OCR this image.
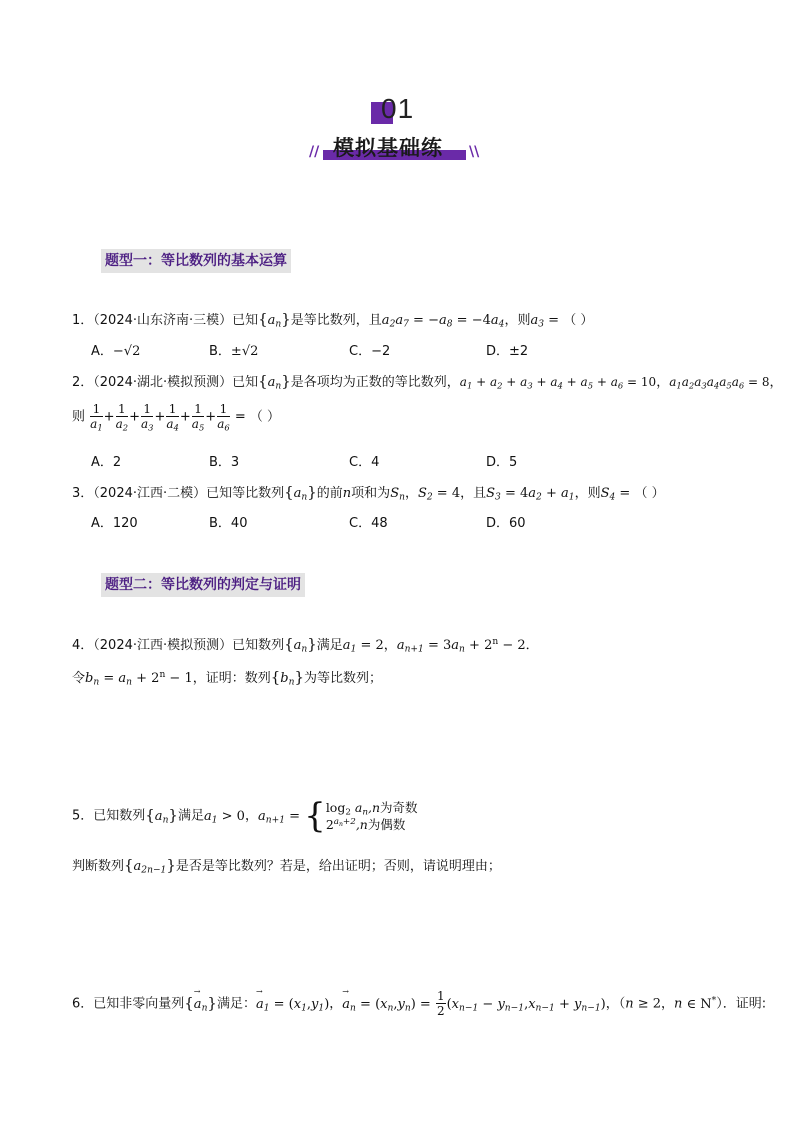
01
// 模拟基础练 \\
题型一：等比数列的基本运算
1．（2024·山东济南·三模）已知$\{a_n\}$是等比数列，且$a_2a_7 = -a_8 = -4a_4$，则$a_3$ = （ ）
A．−√2	B．±√2	C．−2	D．±2
2．（2024·湖北·模拟预测）已知$\{a_n\}$是各项均为正数的等比数列，$a_1 + a_2 + a_3 + a_4 + a_5 + a_6 = 10$，$a_1a_2a_3a_4a_5a_6 = 8$，
则 $\frac{1}{a_1} + \frac{1}{a_2} + \frac{1}{a_3} + \frac{1}{a_4} + \frac{1}{a_5} + \frac{1}{a_6}$ = （ ）
A．2	B．3	C．4	D．5
3．（2024·江西·二模）已知等比数列$\{a_n\}$的前n项和为$S_n$，$S_2 = 4$，且$S_3 = 4a_2 + a_1$，则$S_4$ = （ ）
A．120	B．40	C．48	D．60
题型二：等比数列的判定与证明
4．（2024·江西·模拟预测）已知数列$\{a_n\}$满足$a_1 = 2$，$a_{n+1} = 3a_n + 2^n - 2$．
令$b_n = a_n + 2^n - 1$，证明：数列$\{b_n\}$为等比数列；
5．已知数列$\{a_n\}$满足$a_1 > 0$，$a_{n+1}$ = { $\log_2 a_n,n$为奇数
$2^{a_n+2},n$为偶数
判断数列$\{a_{2n-1}\}$是否是等比数列？若是，给出证明；否则，请说明理由；
6．已知非零向量列{→ $a_n$}满足：→ $a_1 = (x_1,y_1)$，→ $a_n = (x_n,y_n) = \frac{1}{2} (x_{n-1} - y_{n-1},x_{n-1} + y_{n-1})$，（n ≥ 2，n ∈ N*）．证明:
